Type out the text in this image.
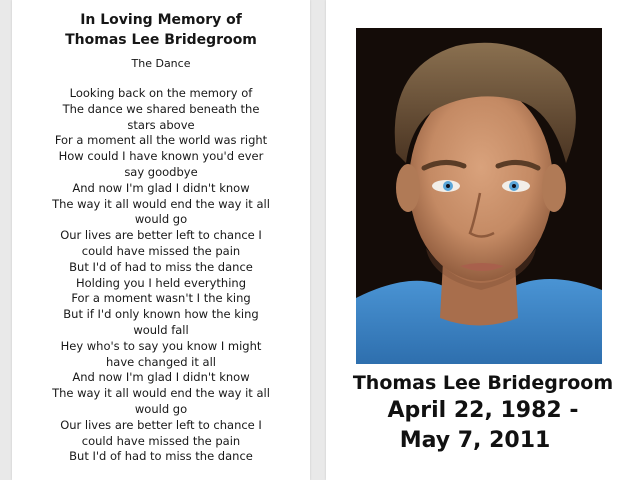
In Loving Memory of
Thomas Lee Bridegroom
The Dance
Looking back on the memory of
The dance we shared beneath the
stars above
For a moment all the world was right
How could I have known you'd ever
say goodbye
And now I'm glad I didn't know
The way it all would end the way it all
would go
Our lives are better left to chance I
could have missed the pain
But I'd of had to miss the dance
Holding you I held everything
For a moment wasn't I the king
But if I'd only known how the king
would fall
Hey who's to say you know I might
have changed it all
And now I'm glad I didn't know
The way it all would end the way it all
would go
Our lives are better left to chance I
could have missed the pain
But I'd of had to miss the dance
Thomas Lee Bridegroom
April 22, 1982 -
May 7, 2011
